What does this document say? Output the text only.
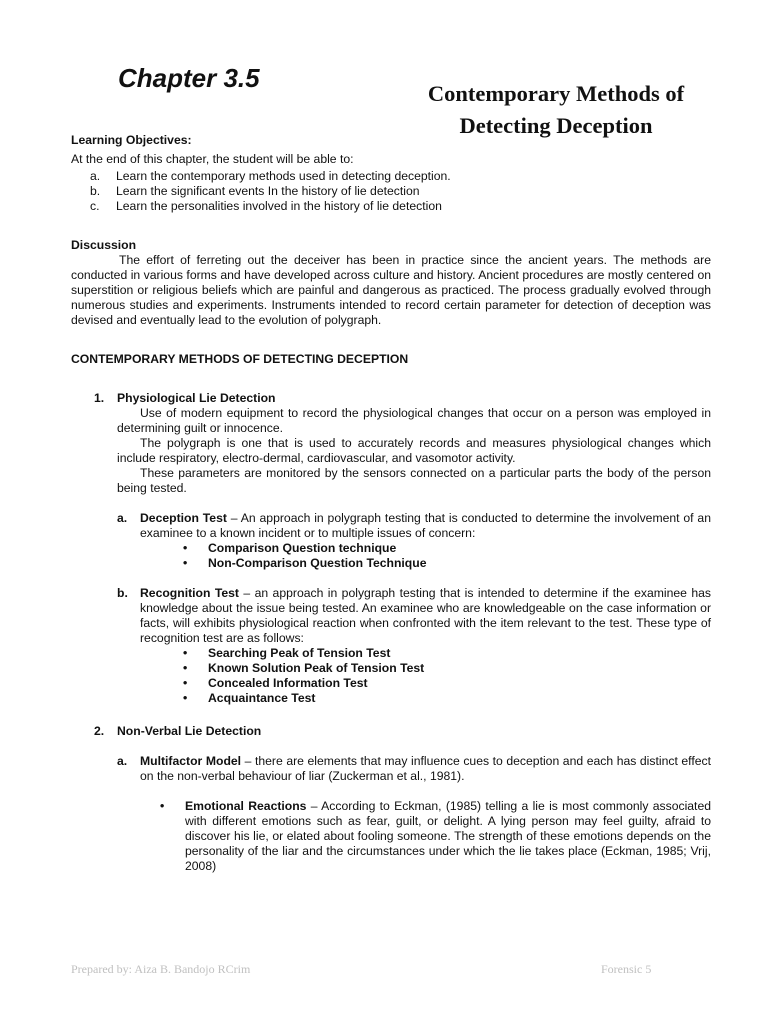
Chapter 3.5
Contemporary Methods of
Detecting Deception
Learning Objectives:
At the end of this chapter, the student will be able to:
a.	Learn the contemporary methods used in detecting deception.
b.	Learn the significant events In the history of lie detection
c.	Learn the personalities involved in the history of lie detection
Discussion

The effort of ferreting out the deceiver has been in practice since the ancient years. The methods are conducted in various forms and have developed across culture and history. Ancient procedures are mostly centered on superstition or religious beliefs which are painful and dangerous as practiced. The process gradually evolved through numerous studies and experiments. Instruments intended to record certain parameter for detection of deception was devised and eventually lead to the evolution of polygraph.

CONTEMPORARY METHODS OF DETECTING DECEPTION
1.	Physiological Lie Detection

Use of modern equipment to record the physiological changes that occur on a person was employed in determining guilt or innocence.

The polygraph is one that is used to accurately records and measures physiological changes which include respiratory, electro-dermal, cardiovascular, and vasomotor activity.

These parameters are monitored by the sensors connected on a particular parts the body of the person being tested.

a.	Deception Test – An approach in polygraph testing that is conducted to determine the involvement of an examinee to a known incident or to multiple issues of concern:
•	Comparison Question technique
•	Non-Comparison Question Technique
b. Recognition Test – an approach in polygraph testing that is intended to determine if the examinee has knowledge about the issue being tested. An examinee who are knowledgeable on the case information or facts, will exhibits physiological reaction when confronted with the item relevant to the test. These type of recognition test are as follows:
•	Searching Peak of Tension Test
•	Known Solution Peak of Tension Test
•	Concealed Information Test
•	Acquaintance Test
2.	Non-Verbal Lie Detection
a.	Multifactor Model – there are elements that may influence cues to deception and each has distinct effect on the non-verbal behaviour of liar (Zuckerman et al., 1981).
•	Emotional Reactions – According to Eckman, (1985) telling a lie is most commonly associated with different emotions such as fear, guilt, or delight. A lying person may feel guilty, afraid to discover his lie, or elated about fooling someone. The strength of these emotions depends on the personality of the liar and the circumstances under which the lie takes place (Eckman, 1985; Vrij, 2008)
Prepared by: Aiza B. Bandojo RCrim	Forensic 5
